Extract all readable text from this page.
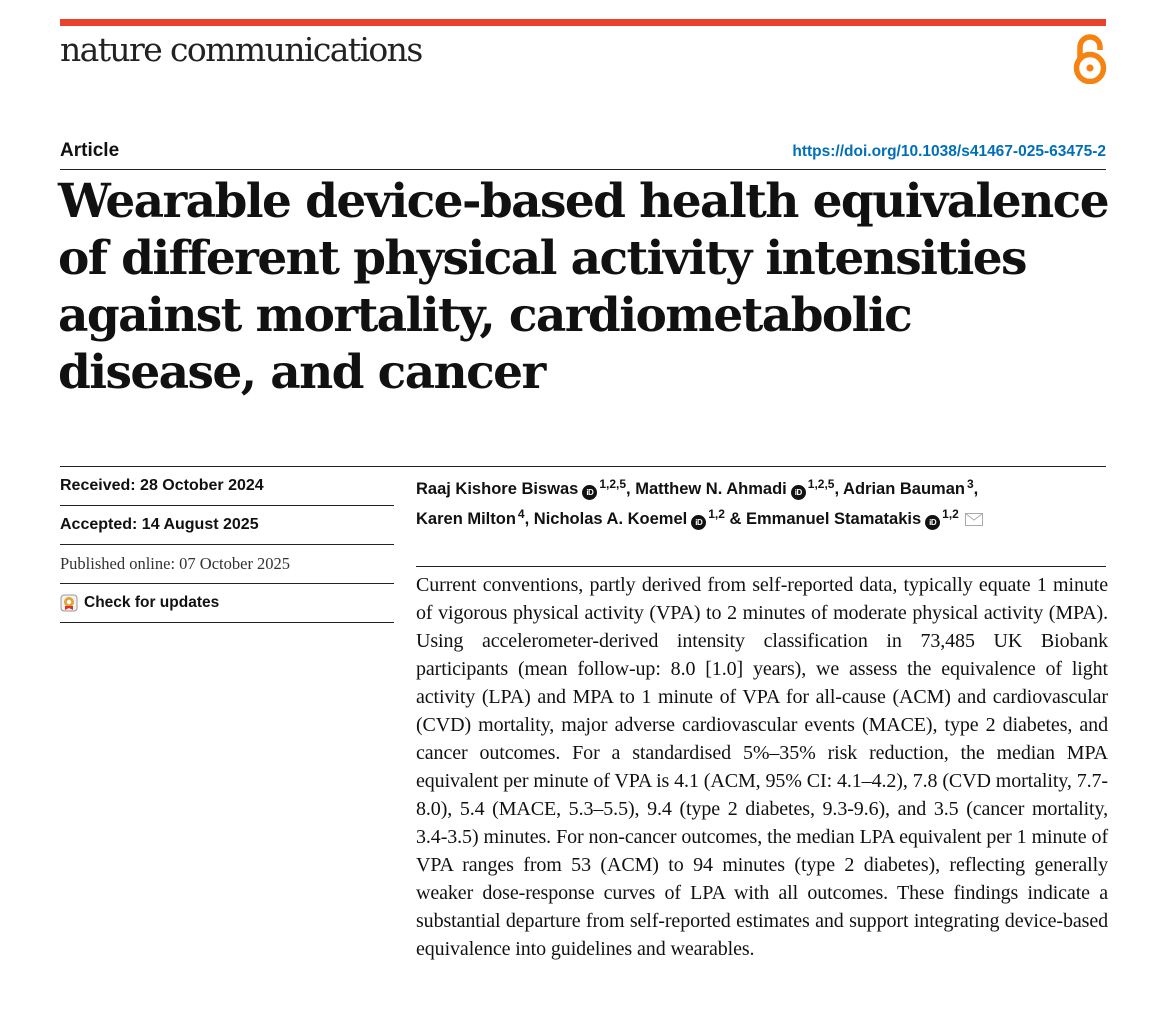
nature communications
Article	https://doi.org/10.1038/s41467-025-63475-2
Wearable device-based health equivalence of different physical activity intensities against mortality, cardiometabolic disease, and cancer
Received: 28 October 2024
Accepted: 14 August 2025
Published online: 07 October 2025
Check for updates
Raaj Kishore Biswas iD$^{1,2,5}$, Matthew N. Ahmadi iD$^{1,2,5}$, Adrian Bauman $^3$,
Karen Milton $^4$, Nicholas A. Koemel iD$^{1,2}$ & Emmanuel Stamatakis iD$^{1,2}$

Current conventions, partly derived from self-reported data, typically equate 1 minute of vigorous physical activity (VPA) to 2 minutes of moderate physical activity (MPA). Using accelerometer-derived intensity classification in 73,485 UK Biobank participants (mean follow-up: 8.0 [1.0] years), we assess the equivalence of light activity (LPA) and MPA to 1 minute of VPA for all-cause (ACM) and cardiovascular (CVD) mortality, major adverse cardiovascular events (MACE), type 2 diabetes, and cancer outcomes. For a standardised 5%–35% risk reduction, the median MPA equivalent per minute of VPA is 4.1 (ACM, 95% CI: 4.1–4.2), 7.8 (CVD mortality, 7.7-8.0), 5.4 (MACE, 5.3–5.5), 9.4 (type 2 diabetes, 9.3-9.6), and 3.5 (cancer mortality, 3.4-3.5) minutes. For non-cancer outcomes, the median LPA equivalent per 1 minute of VPA ranges from 53 (ACM) to 94 minutes (type 2 diabetes), reflecting generally weaker dose-response curves of LPA with all outcomes. These findings indicate a substantial departure from self-reported estimates and support integrating device-based equivalence into guidelines and wearables.
